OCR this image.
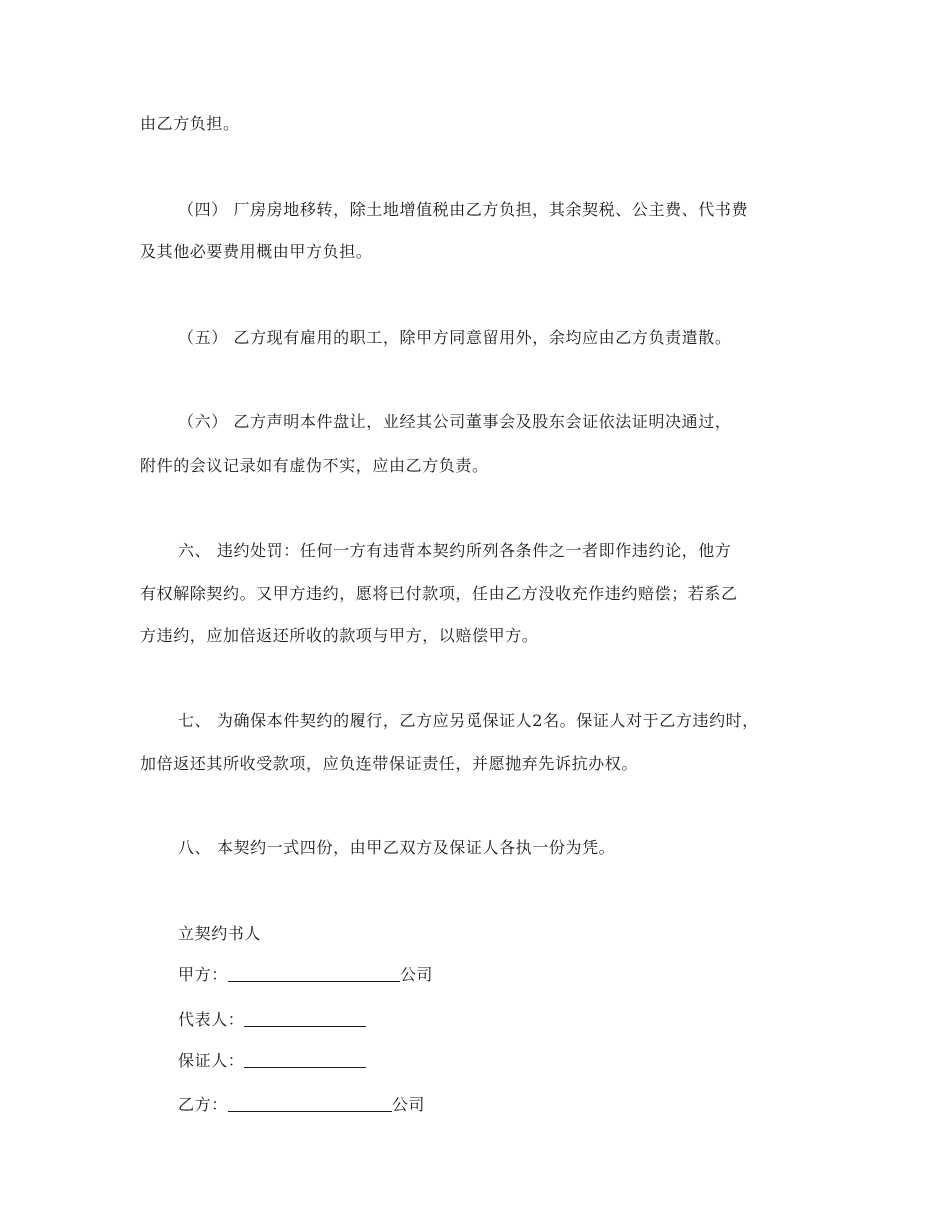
由乙方负担。
（四） 厂房房地移转，除土地增值税由乙方负担，其余契税、公主费、代书费
及其他必要费用概由甲方负担。
（五） 乙方现有雇用的职工，除甲方同意留用外，余均应由乙方负责遣散。
（六） 乙方声明本件盘让，业经其公司董事会及股东会证依法证明决通过，
附件的会议记录如有虚伪不实，应由乙方负责。
六、 违约处罚：任何一方有违背本契约所列各条件之一者即作违约论，他方
有权解除契约。又甲方违约，愿将已付款项，任由乙方没收充作违约赔偿；若系乙
方违约，应加倍返还所收的款项与甲方，以赔偿甲方。
七、 为确保本件契约的履行，乙方应另觅保证人2名。保证人对于乙方违约时，
加倍返还其所收受款项，应负连带保证责任，并愿抛弃先诉抗办权。
八、 本契约一式四份，由甲乙双方及保证人各执一份为凭。
立契约书人
甲方：	公司
代表人：
保证人：
乙方：	公司
